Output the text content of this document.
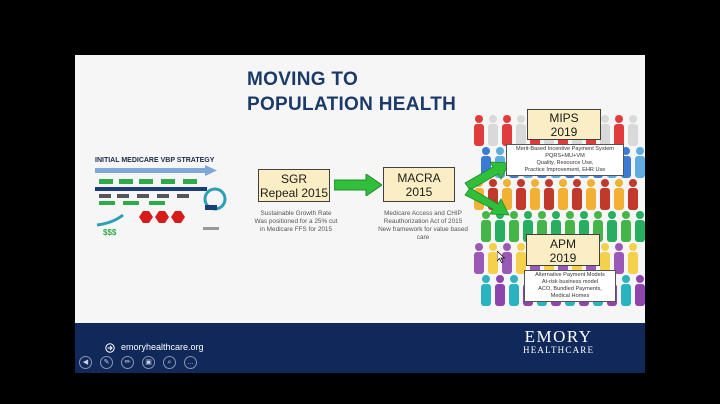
MOVING TO
POPULATION HEALTH
INITIAL MEDICARE VBP STRATEGY
$$$
SGR
Repeal 2015
MACRA
2015
Sustainable Growth Rate
Was positioned for a 25% cut
in Medicare FFS for 2015
Medicare Access and CHIP
Reauthorization Act of 2015
New framework for value based care
MIPS
2019
Merit-Based Incentive Payment System
PQRS+MU+VM
Quality, Resource Use,
Practice Improvement, EHR Use
APM
2019
Alternative Payment Models
At-risk business model
ACO, Bundled Payments,
Medical Homes
emoryhealthcare.org
EMORY
HEALTHCARE
◀	✎	✏	▣	⌕	…
